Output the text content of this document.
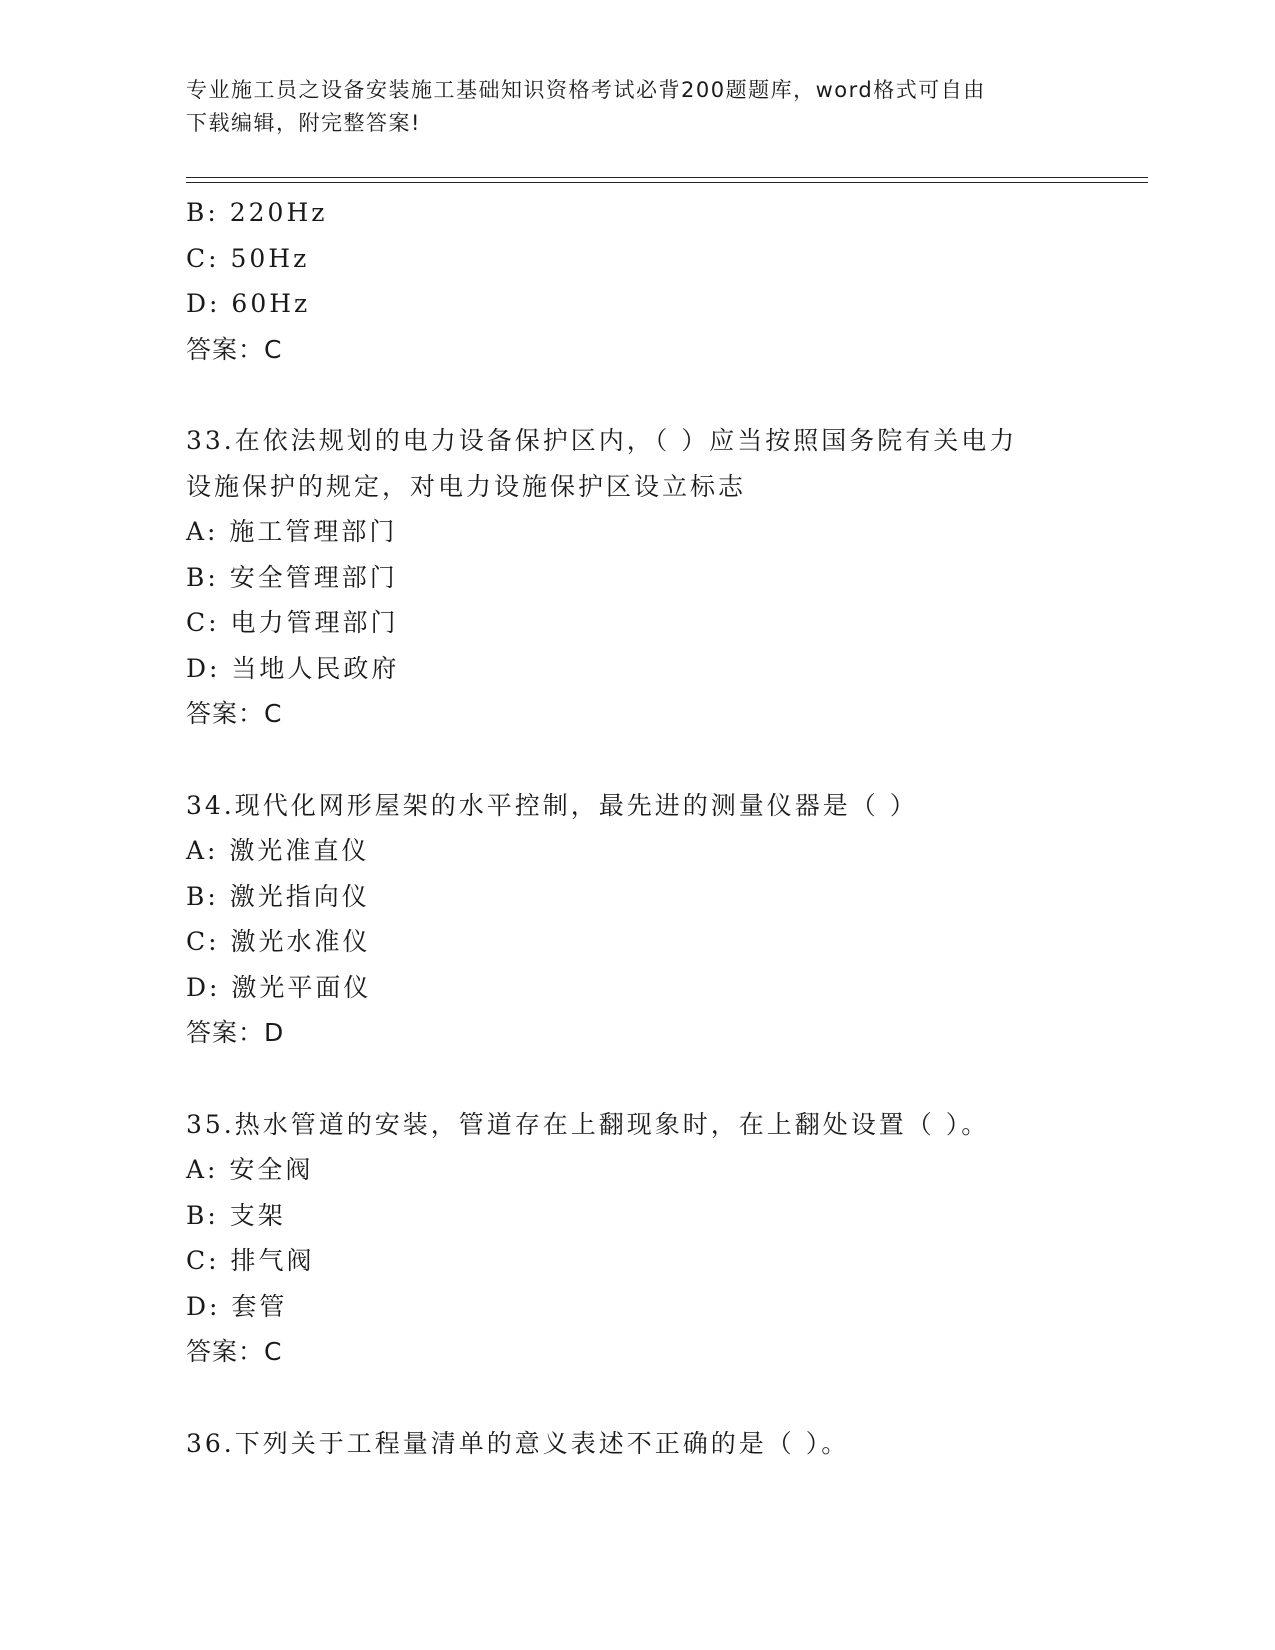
专业施工员之设备安装施工基础知识资格考试必背200题题库，word格式可自由
下载编辑，附完整答案!
B: 220Hz
C: 50Hz
D: 60Hz
答案：C
33.在依法规划的电力设备保护区内，（ ）应当按照国务院有关电力
设施保护的规定，对电力设施保护区设立标志
A: 施工管理部门
B: 安全管理部门
C: 电力管理部门
D: 当地人民政府
答案：C
34.现代化网形屋架的水平控制，最先进的测量仪器是（ ）
A: 激光准直仪
B: 激光指向仪
C: 激光水准仪
D: 激光平面仪
答案：D
35.热水管道的安装，管道存在上翻现象时，在上翻处设置（ ）。
A: 安全阀
B: 支架
C: 排气阀
D: 套管
答案：C
36.下列关于工程量清单的意义表述不正确的是（ ）。
